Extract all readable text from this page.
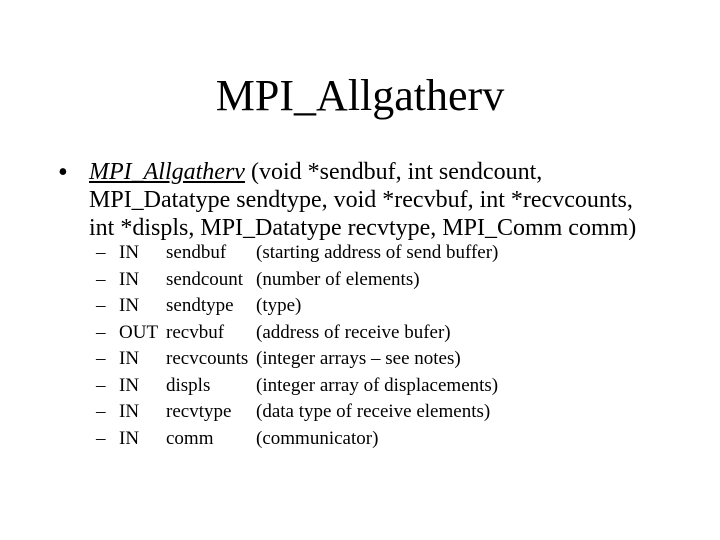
MPI_Allgatherv
• MPI_Allgatherv (void *sendbuf, int sendcount,
MPI_Datatype sendtype, void *recvbuf, int *recvcounts,
int *displs, MPI_Datatype recvtype, MPI_Comm comm)
– IN sendbuf (starting address of send buffer)
– IN sendcount (number of elements)
– IN sendtype (type)
– OUT recvbuf (address of receive bufer)
– IN recvcounts (integer arrays – see notes)
– IN displs (integer array of displacements)
– IN recvtype (data type of receive elements)
– IN comm (communicator)
